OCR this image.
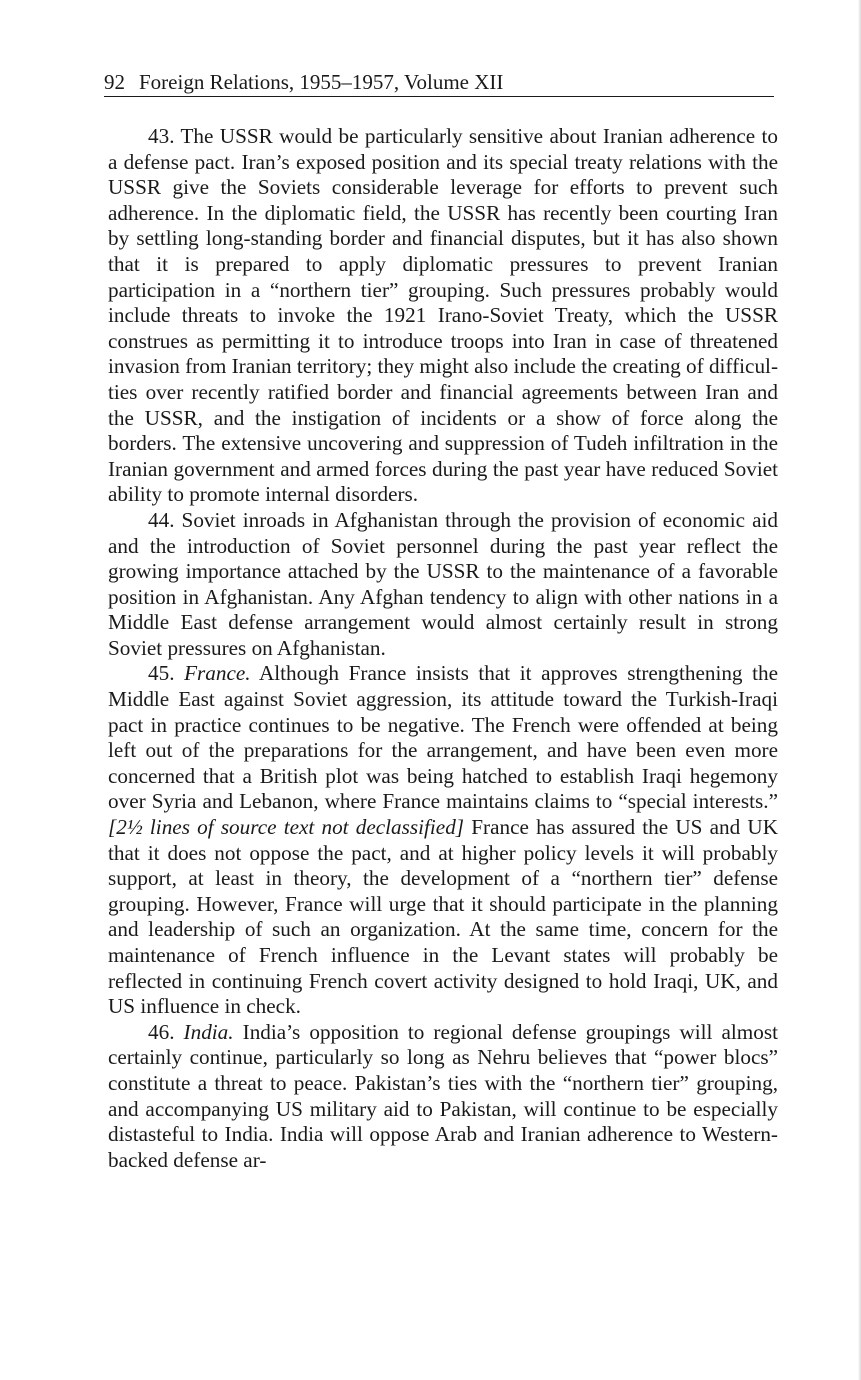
92 Foreign Relations, 1955–1957, Volume XII

43. The USSR would be particularly sensitive about Iranian adherence to a defense pact. Iran’s exposed position and its special treaty relations with the USSR give the Soviets considerable leverage for efforts to prevent such adherence. In the diplomatic field, the USSR has recently been courting Iran by settling long-standing border and financial disputes, but it has also shown that it is prepared to apply diplomatic pressures to prevent Iranian participation in a “northern tier” grouping. Such pressures probably would include threats to invoke the 1921 Irano-Soviet Treaty, which the USSR construes as permitting it to introduce troops into Iran in case of threatened invasion from Iranian territory; they might also include the creating of difficulties over recently ratified border and financial agreements between Iran and the USSR, and the instigation of incidents or a show of force along the borders. The extensive uncovering and suppression of Tudeh infiltration in the Iranian government and armed forces during the past year have reduced Soviet ability to promote internal disorders.

44. Soviet inroads in Afghanistan through the provision of economic aid and the introduction of Soviet personnel during the past year reflect the growing importance attached by the USSR to the maintenance of a favorable position in Afghanistan. Any Afghan tendency to align with other nations in a Middle East defense arrangement would almost certainly result in strong Soviet pressures on Afghanistan.

45. France. Although France insists that it approves strengthening the Middle East against Soviet aggression, its attitude toward the Turkish-Iraqi pact in practice continues to be negative. The French were offended at being left out of the preparations for the arrangement, and have been even more concerned that a British plot was being hatched to establish Iraqi hegemony over Syria and Lebanon, where France maintains claims to “special interests.” [2½ lines of source text not declassified] France has assured the US and UK that it does not oppose the pact, and at higher policy levels it will probably support, at least in theory, the development of a “northern tier” defense grouping. However, France will urge that it should participate in the planning and leadership of such an organization. At the same time, concern for the maintenance of French influence in the Levant states will probably be reflected in continuing French covert activity designed to hold Iraqi, UK, and US influence in check.

46. India. India’s opposition to regional defense groupings will almost certainly continue, particularly so long as Nehru believes that “power blocs” constitute a threat to peace. Pakistan’s ties with the “northern tier” grouping, and accompanying US military aid to Pakistan, will continue to be especially distasteful to India. India will oppose Arab and Iranian adherence to Western-backed defense ar-
